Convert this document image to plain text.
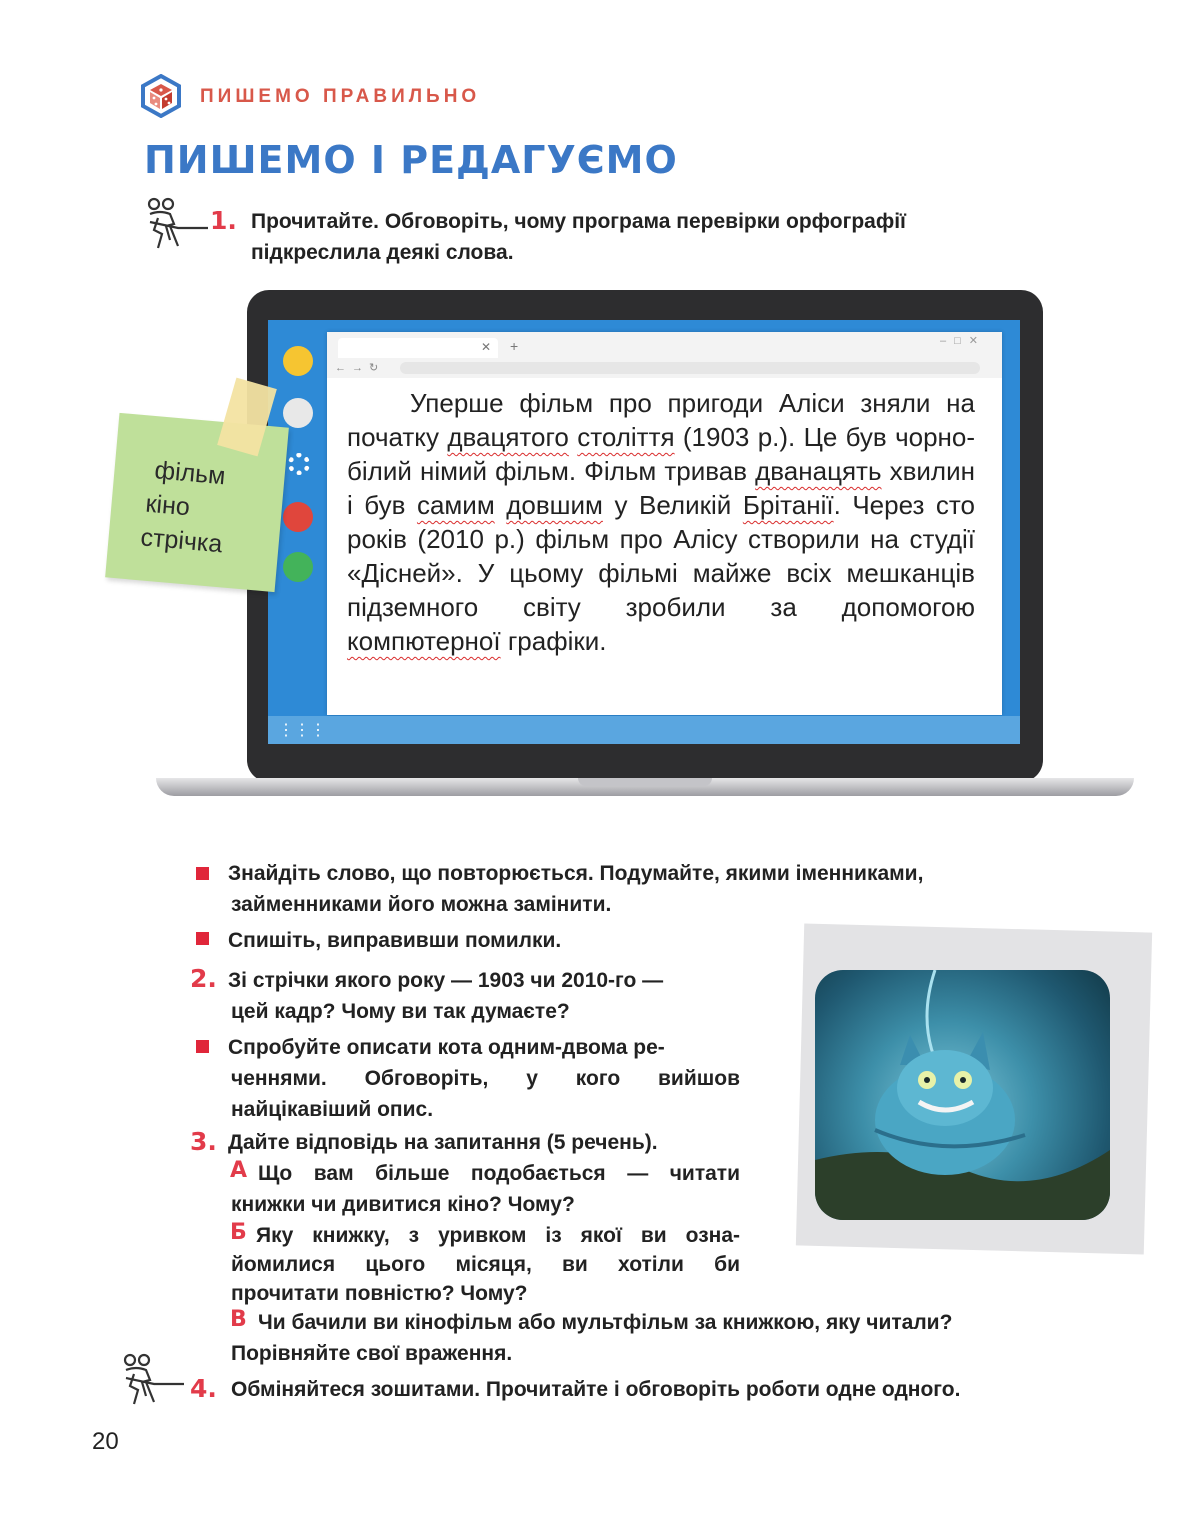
ПИШЕМО ПРАВИЛЬНО
ПИШЕМО І РЕДАГУЄМО
1. Прочитайте. Обговоріть, чому програма перевірки орфографії
підкреслила деякі слова.
✕ +	–□✕
←→↻
Уперше фільм про пригоди Аліси зняли на початку двацятого століття (1903 р.). Це був чорно-білий німий фільм. Фільм тривав дванацять хвилин і був самим довшим у Великій Брітанії. Через сто років (2010 р.) фільм про Алісу створили на студії «Дісней». У цьому фільмі майже всіх мешканців підземного світу зробили за допомогою компютерної графіки.
⋮⋮⋮
фільм
кіно
стрічка
Знайдіть слово, що повторюється. Подумайте, якими іменниками,
займенниками його можна замінити.
Спишіть, виправивши помилки.
2. Зі стрічки якого року — 1903 чи 2010-го —
цей кадр? Чому ви так думаєте?
Спробуйте описати кота одним-двома ре-
ченнями. Обговоріть, у кого вийшов
найцікавіший опис.
3. Дайте відповідь на запитання (5 речень).
А Що вам більше подобається — читати
книжки чи дивитися кіно? Чому?
Б Яку книжку, з уривком із якої ви озна-
йомилися цього місяця, ви хотіли би
прочитати повністю? Чому?
В Чи бачили ви кінофільм або мультфільм за книжкою, яку читали?
Порівняйте свої враження.
4. Обміняйтеся зошитами. Прочитайте і обговоріть роботи одне одного.
20
